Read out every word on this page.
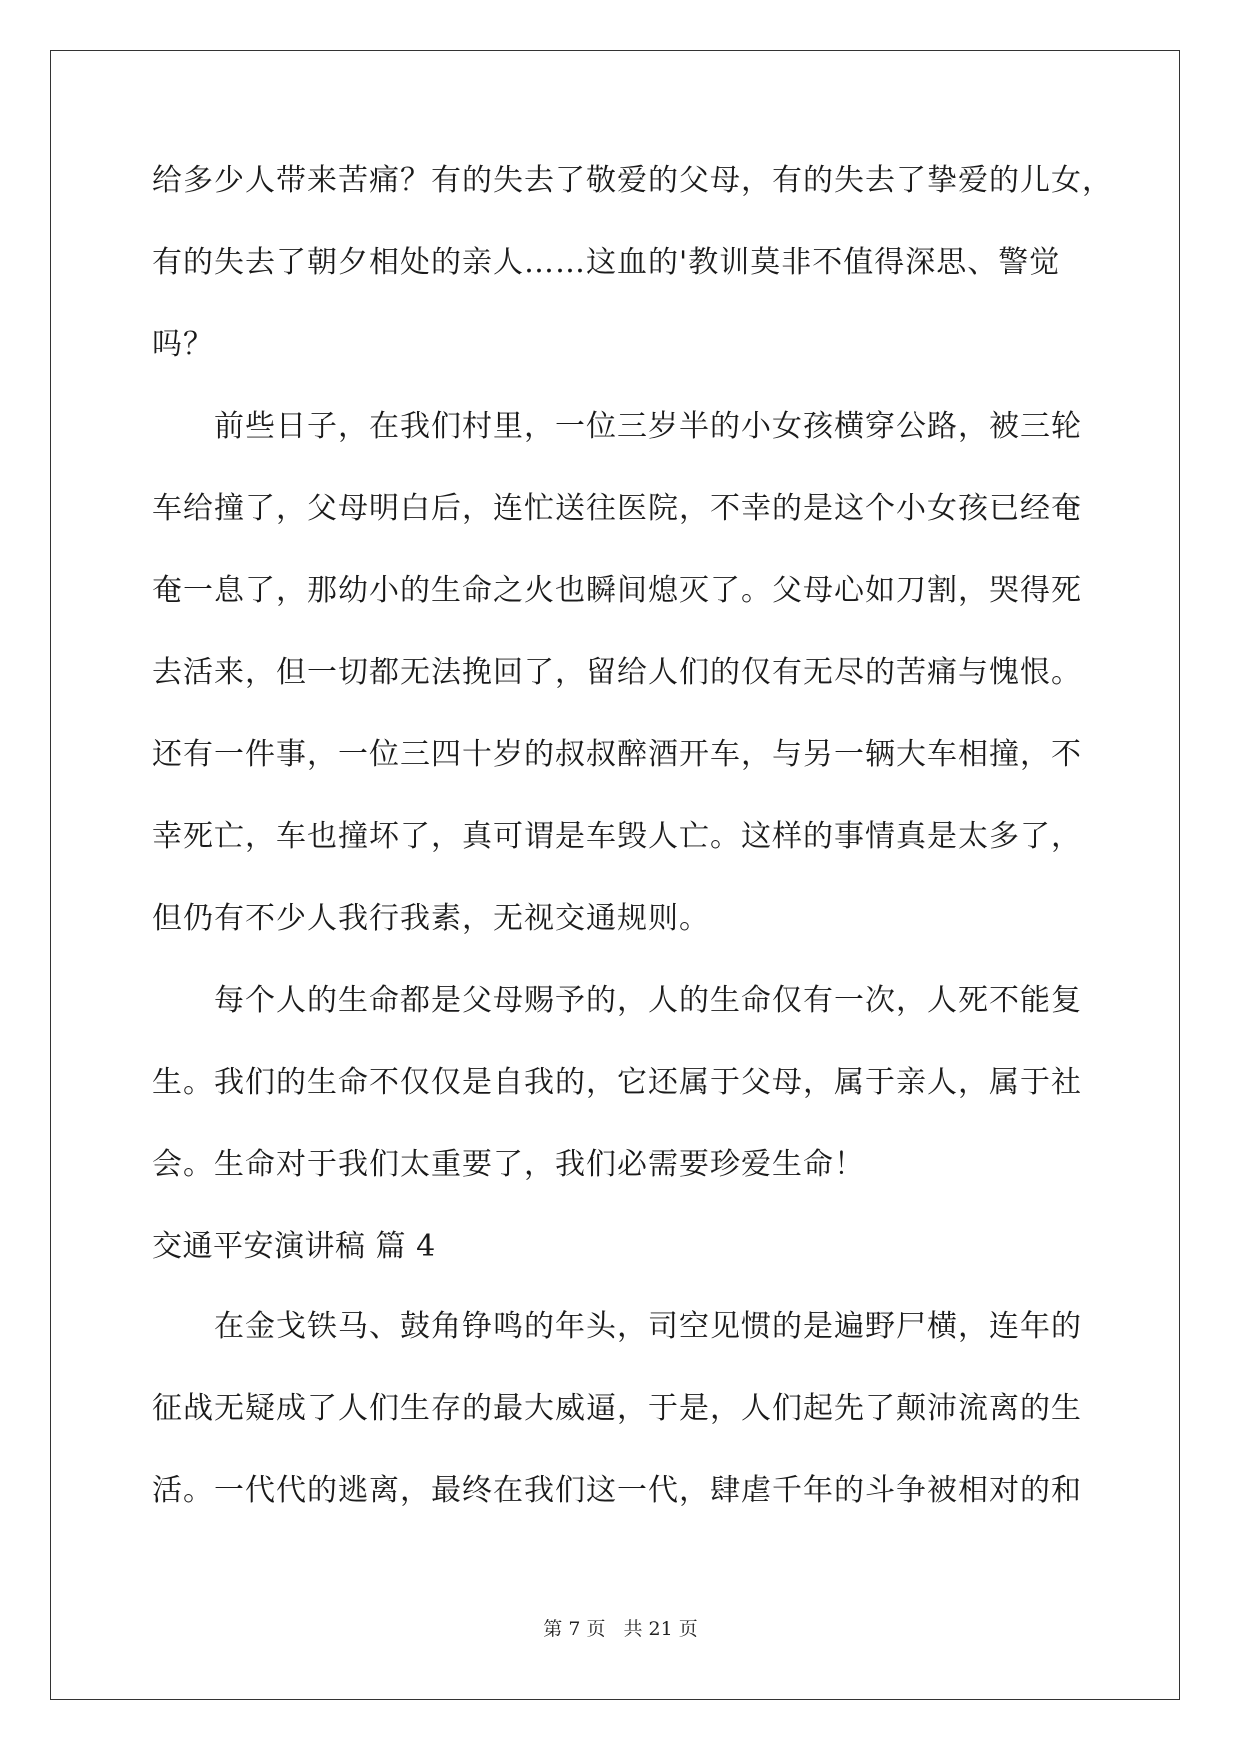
给多少人带来苦痛？有的失去了敬爱的父母，有的失去了挚爱的儿女，
有的失去了朝夕相处的亲人……这血的'教训莫非不值得深思、警觉
吗？
　　前些日子，在我们村里，一位三岁半的小女孩横穿公路，被三轮
车给撞了，父母明白后，连忙送往医院，不幸的是这个小女孩已经奄
奄一息了，那幼小的生命之火也瞬间熄灭了。父母心如刀割，哭得死
去活来，但一切都无法挽回了，留给人们的仅有无尽的苦痛与愧恨。
还有一件事，一位三四十岁的叔叔醉酒开车，与另一辆大车相撞，不
幸死亡，车也撞坏了，真可谓是车毁人亡。这样的事情真是太多了，
但仍有不少人我行我素，无视交通规则。
　　每个人的生命都是父母赐予的，人的生命仅有一次，人死不能复
生。我们的生命不仅仅是自我的，它还属于父母，属于亲人，属于社
会。生命对于我们太重要了，我们必需要珍爱生命！
交通平安演讲稿 篇 4
　　在金戈铁马、鼓角铮鸣的年头，司空见惯的是遍野尸横，连年的
征战无疑成了人们生存的最大威逼，于是，人们起先了颠沛流离的生
活。一代代的逃离，最终在我们这一代，肆虐千年的斗争被相对的和
第 7 页 共 21 页
